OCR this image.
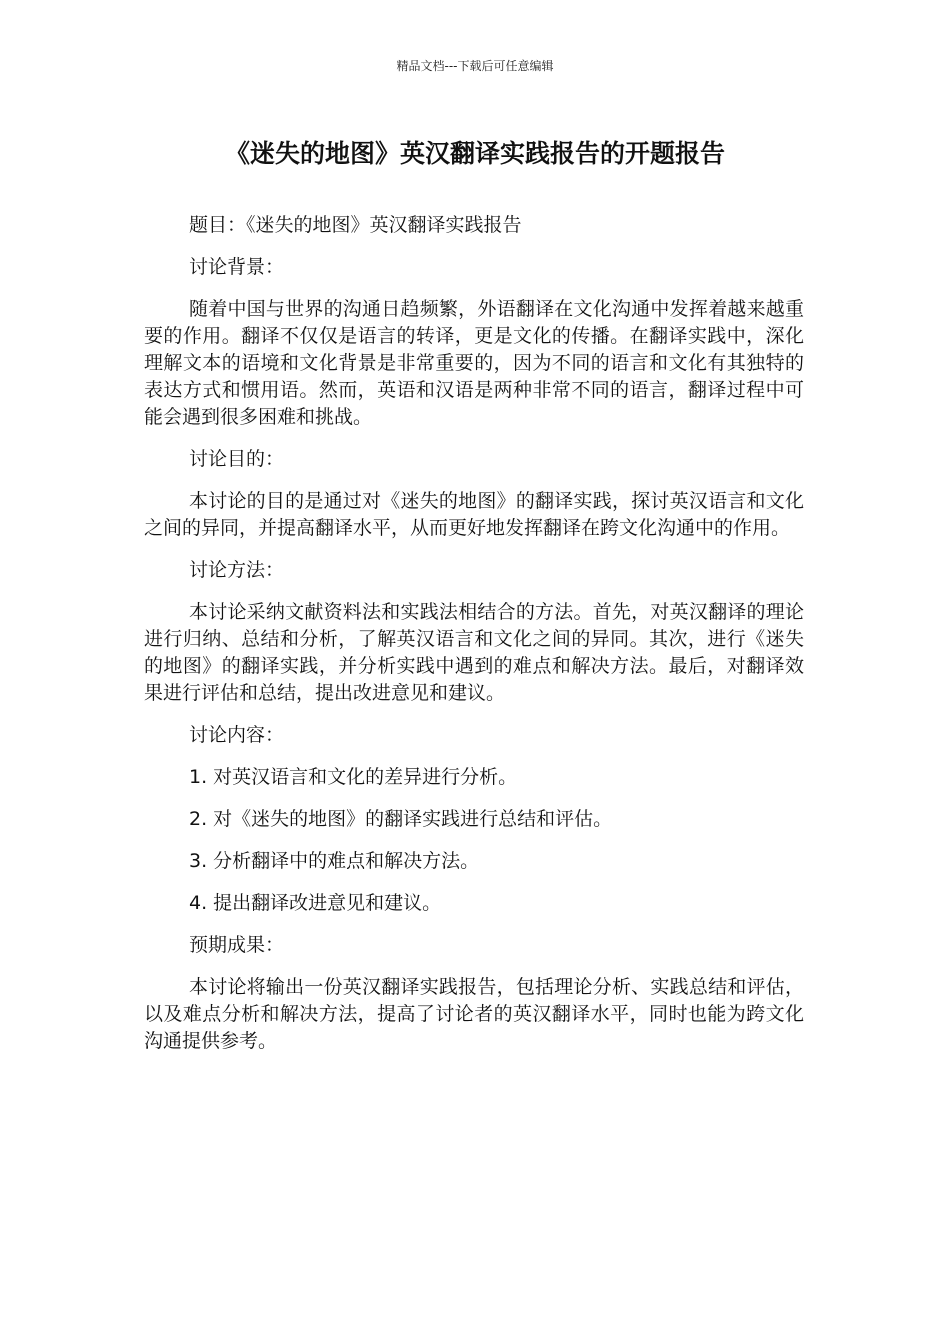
精品文档---下载后可任意编辑
《迷失的地图》英汉翻译实践报告的开题报告

题目：《迷失的地图》英汉翻译实践报告

讨论背景：

随着中国与世界的沟通日趋频繁，外语翻译在文化沟通中发挥着越来越重要的作用。翻译不仅仅是语言的转译，更是文化的传播。在翻译实践中，深化理解文本的语境和文化背景是非常重要的，因为不同的语言和文化有其独特的表达方式和惯用语。然而，英语和汉语是两种非常不同的语言，翻译过程中可能会遇到很多困难和挑战。

讨论目的：

本讨论的目的是通过对《迷失的地图》的翻译实践，探讨英汉语言和文化之间的异同，并提高翻译水平，从而更好地发挥翻译在跨文化沟通中的作用。

讨论方法：

本讨论采纳文献资料法和实践法相结合的方法。首先，对英汉翻译的理论进行归纳、总结和分析，了解英汉语言和文化之间的异同。其次，进行《迷失的地图》的翻译实践，并分析实践中遇到的难点和解决方法。最后，对翻译效果进行评估和总结，提出改进意见和建议。

讨论内容：

1. 对英汉语言和文化的差异进行分析。

2. 对《迷失的地图》的翻译实践进行总结和评估。

3. 分析翻译中的难点和解决方法。

4. 提出翻译改进意见和建议。

预期成果：

本讨论将输出一份英汉翻译实践报告，包括理论分析、实践总结和评估，以及难点分析和解决方法，提高了讨论者的英汉翻译水平，同时也能为跨文化沟通提供参考。
